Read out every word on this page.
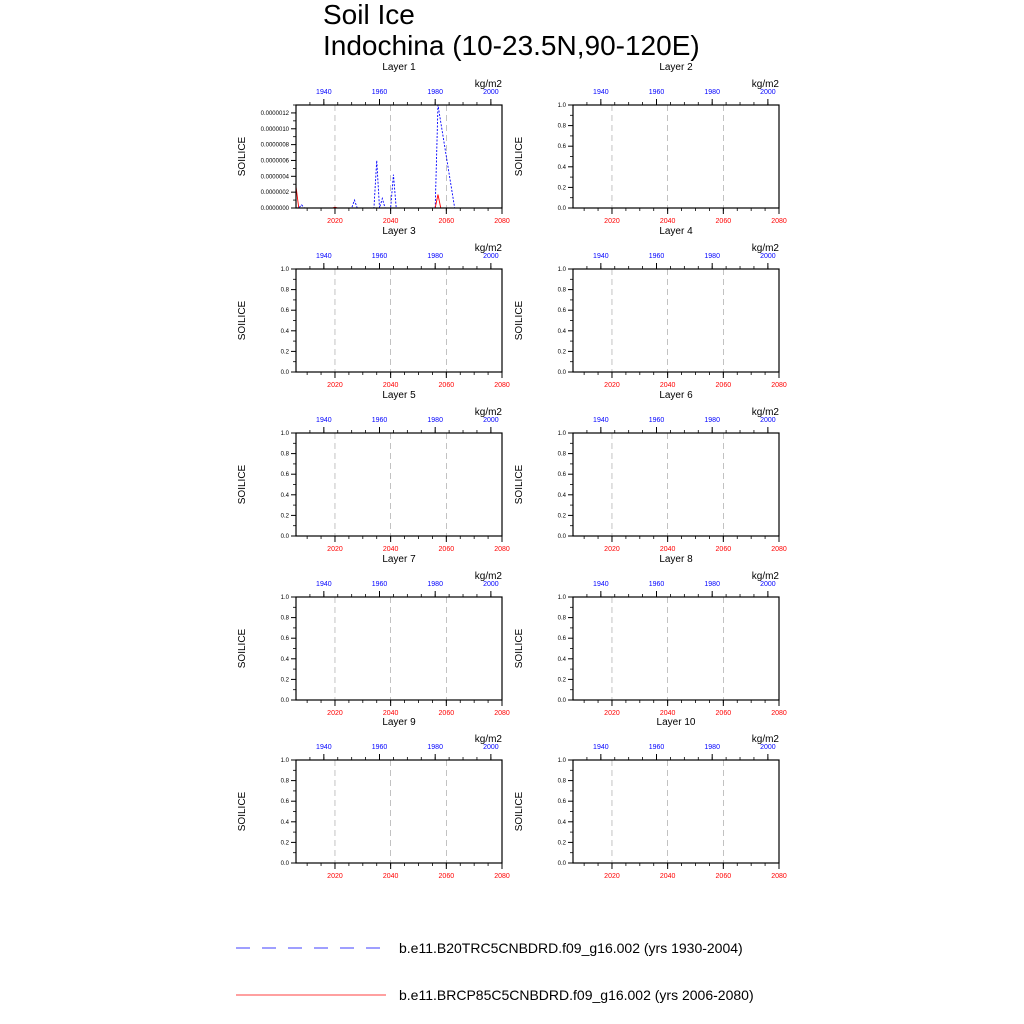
Soil Ice
Indochina (10-23.5N,90-120E)
Layer 1
kg/m2
SOILICE
1940	1960	1980	2000
2020	2040	2060	2080
0.0000000
0.0000002
0.0000004
0.0000006
0.0000008
0.0000010
0.0000012
Layer 2
kg/m2
SOILICE
1940	1960	1980	2000
2020	2040	2060	2080
0.0
0.2
0.4
0.6
0.8
1.0
Layer 3
kg/m2
SOILICE
1940	1960	1980	2000
2020	2040	2060	2080
0.0
0.2
0.4
0.6
0.8
1.0
Layer 4
kg/m2
SOILICE
1940	1960	1980	2000
2020	2040	2060	2080
0.0
0.2
0.4
0.6
0.8
1.0
Layer 5
kg/m2
SOILICE
1940	1960	1980	2000
2020	2040	2060	2080
0.0
0.2
0.4
0.6
0.8
1.0
Layer 6
kg/m2
SOILICE
1940	1960	1980	2000
2020	2040	2060	2080
0.0
0.2
0.4
0.6
0.8
1.0
Layer 7
kg/m2
SOILICE
1940	1960	1980	2000
2020	2040	2060	2080
0.0
0.2
0.4
0.6
0.8
1.0
Layer 8
kg/m2
SOILICE
1940	1960	1980	2000
2020	2040	2060	2080
0.0
0.2
0.4
0.6
0.8
1.0
Layer 9
kg/m2
SOILICE
1940	1960	1980	2000
2020	2040	2060	2080
0.0
0.2
0.4
0.6
0.8
1.0
Layer 10
kg/m2
SOILICE
1940	1960	1980	2000
2020	2040	2060	2080
0.0
0.2
0.4
0.6
0.8
1.0
b.e11.B20TRC5CNBDRD.f09_g16.002 (yrs 1930-2004)
b.e11.BRCP85C5CNBDRD.f09_g16.002 (yrs 2006-2080)
